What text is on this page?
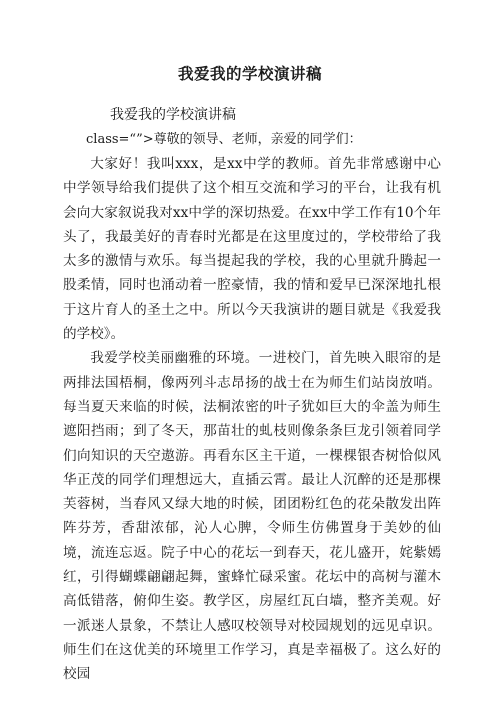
我爱我的学校演讲稿

我爱我的学校演讲稿

class=“”>尊敬的领导、老师，亲爱的同学们：

大家好！我叫xxx，是xx中学的教师。首先非常感谢中心中学领导给我们提供了这个相互交流和学习的平台，让我有机会向大家叙说我对xx中学的深切热爱。在xx中学工作有10个年头了，我最美好的青春时光都是在这里度过的，学校带给了我太多的激情与欢乐。每当提起我的学校，我的心里就升腾起一股柔情，同时也涌动着一腔豪情，我的情和爱早已深深地扎根于这片育人的圣土之中。所以今天我演讲的题目就是《我爱我的学校》。

我爱学校美丽幽雅的环境。一进校门，首先映入眼帘的是两排法国梧桐，像两列斗志昂扬的战士在为师生们站岗放哨。每当夏天来临的时候，法桐浓密的叶子犹如巨大的伞盖为师生遮阳挡雨；到了冬天，那苗壮的虬枝则像条条巨龙引领着同学们向知识的天空遨游。再看东区主干道，一棵棵银杏树恰似风华正茂的同学们理想远大，直插云霄。最让人沉醉的还是那棵芙蓉树，当春风又绿大地的时候，团团粉红色的花朵散发出阵阵芬芳，香甜浓郁，沁人心脾，令师生仿佛置身于美妙的仙境，流连忘返。院子中心的花坛一到春天，花儿盛开，姹紫嫣红，引得蝴蝶翩翩起舞，蜜蜂忙碌采蜜。花坛中的高树与灌木高低错落，俯仰生姿。教学区，房屋红瓦白墙，整齐美观。好一派迷人景象，不禁让人感叹校领导对校园规划的远见卓识。师生们在这优美的环境里工作学习，真是幸福极了。这么好的校园
